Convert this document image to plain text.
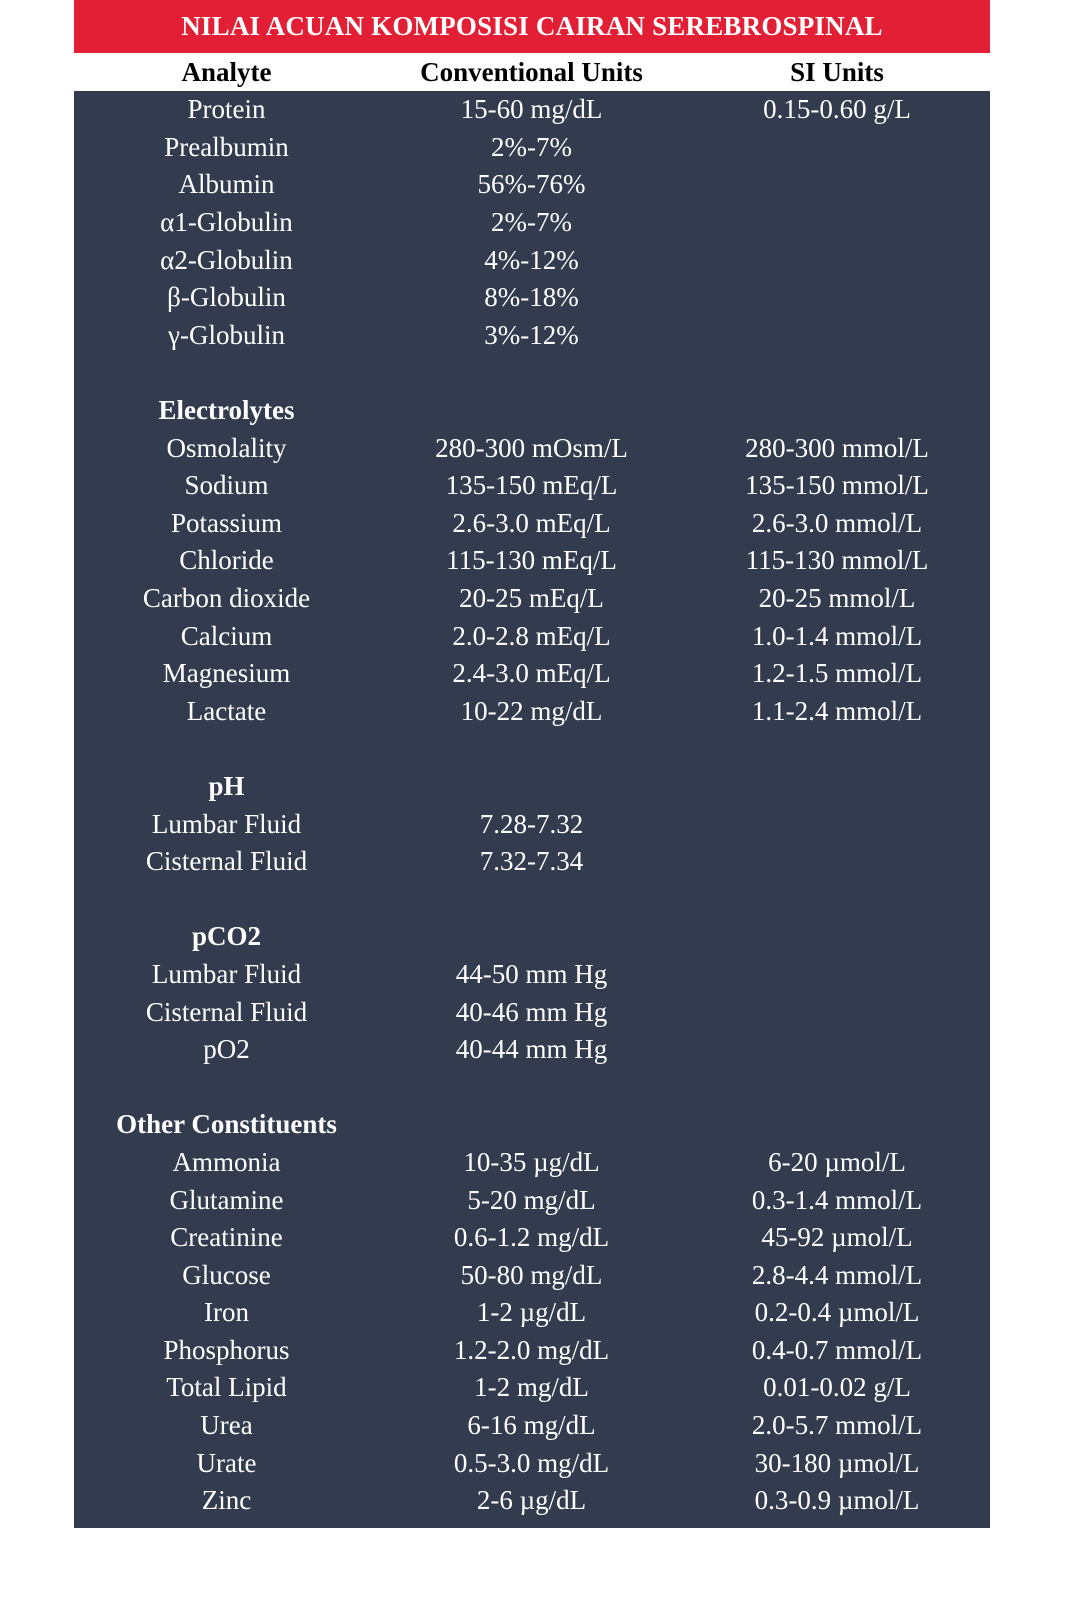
NILAI ACUAN KOMPOSISI CAIRAN SEREBROSPINAL
Analyte	Conventional Units	SI Units
Protein	15-60 mg/dL	0.15-0.60 g/L
Prealbumin	2%-7%
Albumin	56%-76%
α1-Globulin	2%-7%
α2-Globulin	4%-12%
β-Globulin	8%-18%
γ-Globulin	3%-12%
Electrolytes
Osmolality	280-300 mOsm/L	280-300 mmol/L
Sodium	135-150 mEq/L	135-150 mmol/L
Potassium	2.6-3.0 mEq/L	2.6-3.0 mmol/L
Chloride	115-130 mEq/L	115-130 mmol/L
Carbon dioxide	20-25 mEq/L	20-25 mmol/L
Calcium	2.0-2.8 mEq/L	1.0-1.4 mmol/L
Magnesium	2.4-3.0 mEq/L	1.2-1.5 mmol/L
Lactate	10-22 mg/dL	1.1-2.4 mmol/L
pH
Lumbar Fluid	7.28-7.32
Cisternal Fluid	7.32-7.34
pCO2
Lumbar Fluid	44-50 mm Hg
Cisternal Fluid	40-46 mm Hg
pO2	40-44 mm Hg
Other Constituents
Ammonia	10-35 µg/dL	6-20 µmol/L
Glutamine	5-20 mg/dL	0.3-1.4 mmol/L
Creatinine	0.6-1.2 mg/dL	45-92 µmol/L
Glucose	50-80 mg/dL	2.8-4.4 mmol/L
Iron	1-2 µg/dL	0.2-0.4 µmol/L
Phosphorus	1.2-2.0 mg/dL	0.4-0.7 mmol/L
Total Lipid	1-2 mg/dL	0.01-0.02 g/L
Urea	6-16 mg/dL	2.0-5.7 mmol/L
Urate	0.5-3.0 mg/dL	30-180 µmol/L
Zinc	2-6 µg/dL	0.3-0.9 µmol/L
